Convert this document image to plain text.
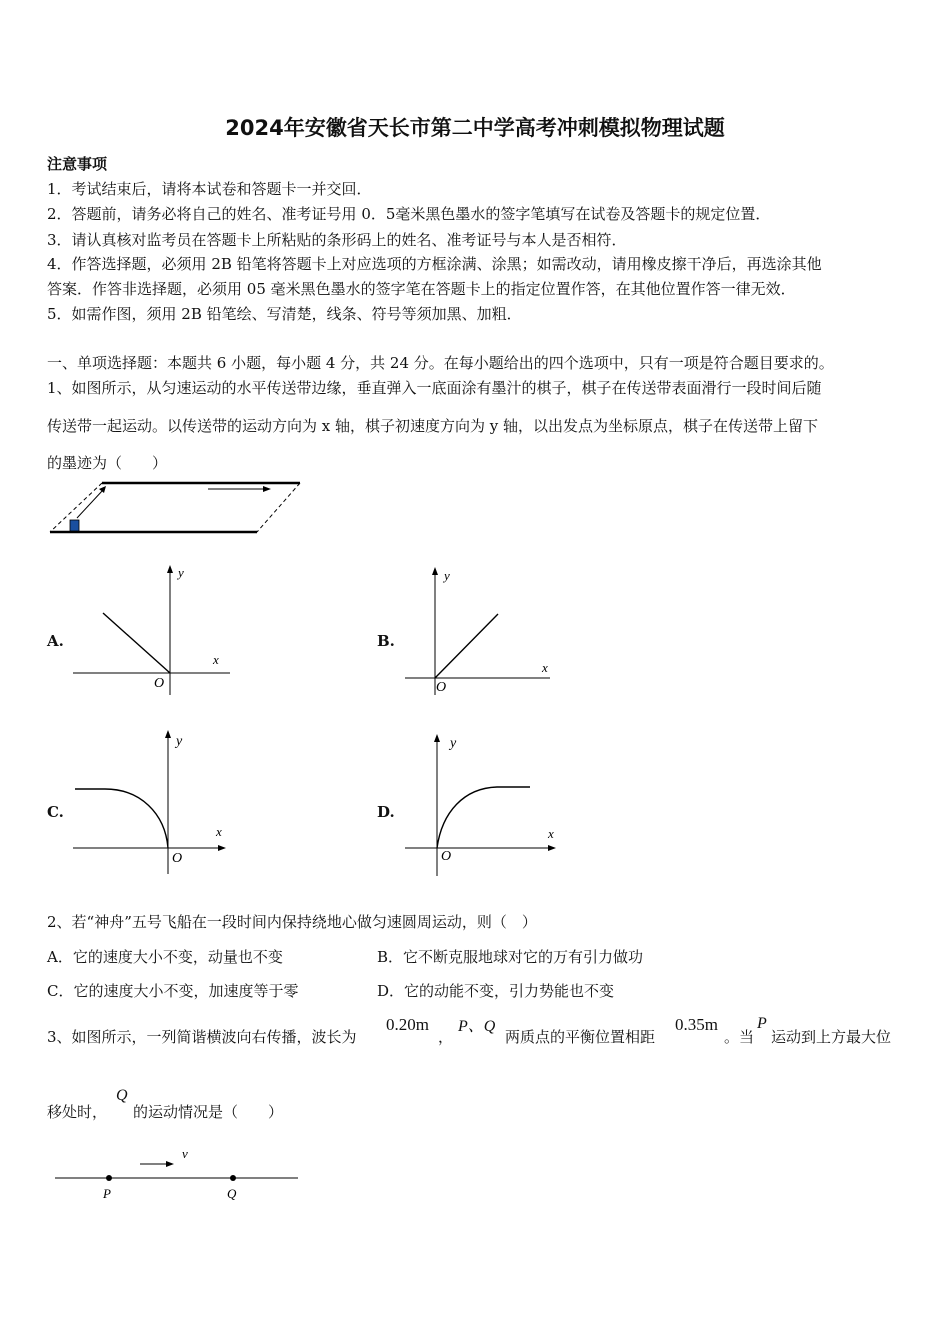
2024年安徽省天长市第二中学高考冲刺模拟物理试题
注意事项
1．考试结束后，请将本试卷和答题卡一并交回．
2．答题前，请务必将自己的姓名、准考证号用 0．5毫米黑色墨水的签字笔填写在试卷及答题卡的规定位置．
3．请认真核对监考员在答题卡上所粘贴的条形码上的姓名、准考证号与本人是否相符．
4．作答选择题，必须用 2B 铅笔将答题卡上对应选项的方框涂满、涂黑；如需改动，请用橡皮擦干净后，再选涂其他
答案．作答非选择题，必须用 05 毫米黑色墨水的签字笔在答题卡上的指定位置作答，在其他位置作答一律无效．
5．如需作图，须用 2B 铅笔绘、写清楚，线条、符号等须加黑、加粗．
一、单项选择题：本题共 6 小题，每小题 4 分，共 24 分。在每小题给出的四个选项中，只有一项是符合题目要求的。
1、如图所示，从匀速运动的水平传送带边缘，垂直弹入一底面涂有墨汁的棋子，棋子在传送带表面滑行一段时间后随
传送带一起运动。以传送带的运动方向为 x 轴，棋子初速度方向为 y 轴，以出发点为坐标原点，棋子在传送带上留下
的墨迹为（　　）
A.
y
x
O
B.
y
x
O
C.
y
x
O
D.
y
x
O
2、若“神舟”五号飞船在一段时间内保持绕地心做匀速圆周运动，则（　）
A．它的速度大小不变，动量也不变	B．它不断克服地球对它的万有引力做功
C．它的速度大小不变，加速度等于零	D．它的动能不变，引力势能也不变
3、如图所示，一列简谐横波向右传播，波长为
0.20m
，
P、Q
两质点的平衡位置相距
0.35m
。当
P
运动到上方最大位
移处时，
Q
的运动情况是（　　）
v
P	Q
